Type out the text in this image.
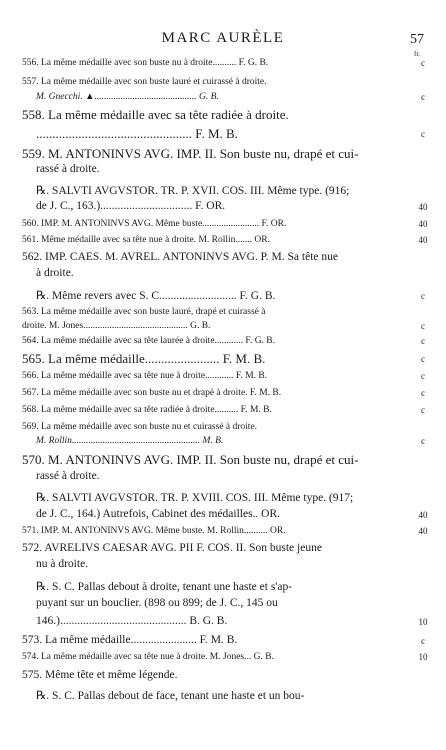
MARC AURÈLE	57
fr.
556. La même médaille avec son buste nu à droite.......... F. G. B.	c
557. La même médaille avec son buste lauré et cuirassé à droite.
M. Gnecchi. ▲........................................... G. B.	c
558. La même médaille avec sa tête radiée à droite.
................................................ F. M. B.	c
559. M. ANTONINVS AVG. IMP. II. Son buste nu, drapé et cui-
rassé à droite.
℞. SALVTI AVGVSTOR. TR. P. XVII. COS. III. Même type. (916;
de J. C., 163.)................................ F. OR.	40
560. IMP. M. ANTONINVS AVG. Même buste........................ F. OR.	40
561. Même médaille avec sa tête nue à droite. M. Rollin....... OR.	40
562. IMP. CAES. M. AVREL. ANTONINVS AVG. P. M. Sa tête nue
à droite.
℞. Même revers avec S. C........................... F. G. B.	c
563. La même médaille avec son buste lauré, drapé et cuirassé à
droite. M. Jones............................................ G. B.	c
564. La même médaille avec sa tête laurée à droite............ F. G. B.	c
565. La même médaille....................... F. M. B.	c
566. La même médaille avec sa tête nue à droite............ F. M. B.	c
567. La même médaille avec son buste nu et drapé à droite. F. M. B.	c
568. La même médaille avec sa tête radiée à droite.......... F. M. B.	c
569. La même médaille avec son buste nu et cuirassé à droite.
M. Rollin...................................................... M. B.	c
570. M. ANTONINVS AVG. IMP. II. Son buste nu, drapé et cui-
rassé à droite.
℞. SALVTI AVGVSTOR. TR. P. XVIII. COS. III. Même type. (917;
de J. C., 164.) Autrefois, Cabinet des médailles.. OR.	40
571. IMP. M. ANTONINVS AVG. Même buste. M. Rollin.......... OR.	40
572. AVRELIVS CAESAR AVG. PII F. COS. II. Son buste jeune
nu à droite.
℞. S. C. Pallas debout à droite, tenant une haste et s'ap-
puyant sur un bouclier. (898 ou 899; de J. C., 145 ou
146.)............................................ B. G. B.	10
573. La même médaille....................... F. M. B.	c
574. La même médaille avec sa tête nue à droite. M. Jones... G. B.	10
575. Même tête et même légende.
℞. S. C. Pallas debout de face, tenant une haste et un bou-
